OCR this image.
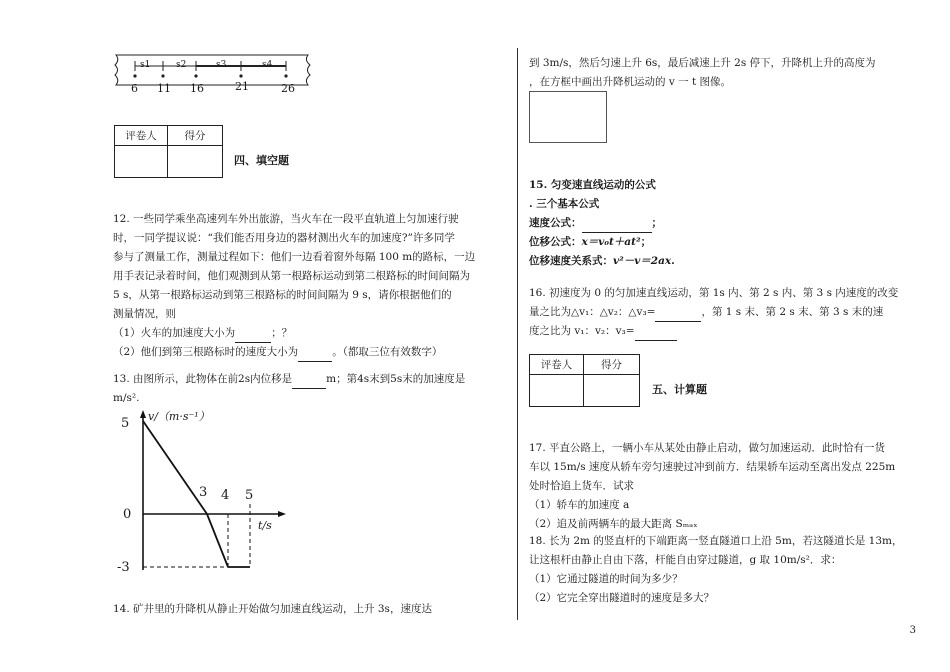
s1	s2	s3	s4
6 11 16	21	26
评卷人	得分

四、填空题
12. 一些同学乘坐高速列车外出旅游，当火车在一段平直轨道上匀加速行驶
时，一同学提议说：“我们能否用身边的器材测出火车的加速度?”许多同学
参与了测量工作，测量过程如下：他们一边看着窗外每隔 100 m的路标，一边
用手表记录着时间，他们观测到从第一根路标运动到第二根路标的时间间隔为
5 s，从第一根路标运动到第三根路标的时间间隔为 9 s，请你根据他们的
测量情况，则
（1）火车的加速度大小为	；？
（2）他们到第三根路标时的速度大小为	。（都取三位有效数字）
13. 由图所示，此物体在前2s内位移是	m；第4s末到5s末的加速度是
m/s².
v/（m·s⁻¹）
t/s
5
0
-3
3 4 5
14. 矿井里的升降机从静止开始做匀加速直线运动，上升 3s，速度达
到 3m/s，然后匀速上升 6s，最后减速上升 2s 停下，升降机上升的高度为
，在方框中画出升降机运动的 v 一 t 图像。
15. 匀变速直线运动的公式
. 三个基本公式
速度公式：	；
位移公式：x＝v₀t＋at²；
位移速度关系式：v²－v＝2ax.
16. 初速度为 0 的匀加速直线运动，第 1s 内、第 2 s 内、第 3 s 内速度的改变
量之比为△v₁：△v₂：△v₃=	，第 1 s 末、第 2 s 末、第 3 s 末的速
度之比为 v₁：v₂：v₃=
评卷人	得分

五、计算题
17. 平直公路上，一辆小车从某处由静止启动，做匀加速运动．此时恰有一货
车以 15m/s 速度从轿车旁匀速驶过冲到前方．结果轿车运动至离出发点 225m
处时恰追上货车．试求
（1）轿车的加速度 a
（2）追及前两辆车的最大距离 Sₘₐₓ
18. 长为 2m 的竖直杆的下端距离一竖直隧道口上沿 5m，若这隧道长是 13m，
让这根杆由静止自由下落，杆能自由穿过隧道，g 取 10m/s²．求：
（1）它通过隧道的时间为多少？
（2）它完全穿出隧道时的速度是多大？
3
